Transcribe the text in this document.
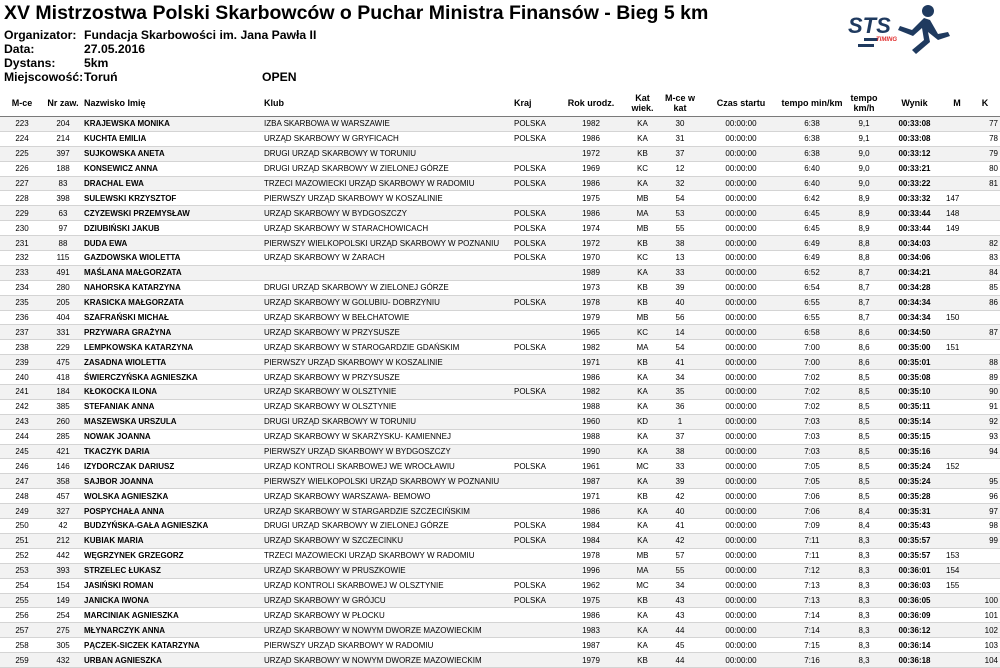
XV Mistrzostwa Polski Skarbowców o Puchar Ministra Finansów - Bieg 5 km
Organizator: Fundacja Skarbowości im. Jana Pawła II
Data:	27.05.2016
Dystans: 5km
Miejscowość: Toruń	OPEN
STS
TIMING
M-ce	Nr zaw.	Nazwisko Imię	Klub	Kraj	Rok urodz.	Kat wiek.	M-ce w kat	Czas startu	tempo min/km	tempo km/h	Wynik	M	K
223	204	KRAJEWSKA MONIKA	IZBA SKARBOWA W WARSZAWIE	POLSKA	1982	KA	30	00:00:00	6:38	9,1	00:33:08		77
224	214	KUCHTA EMILIA	URZĄD SKARBOWY W GRYFICACH	POLSKA	1986	KA	31	00:00:00	6:38	9,1	00:33:08		78
225	397	SUJKOWSKA ANETA	DRUGI URZĄD SKARBOWY W TORUNIU		1972	KB	37	00:00:00	6:38	9,0	00:33:12		79
226	188	KONSEWICZ ANNA	DRUGI URZĄD SKARBOWY W ZIELONEJ GÓRZE	POLSKA	1969	KC	12	00:00:00	6:40	9,0	00:33:21		80
227	83	DRACHAL EWA	TRZECI MAZOWIECKI URZĄD SKARBOWY W RADOMIU	POLSKA	1986	KA	32	00:00:00	6:40	9,0	00:33:22		81
228	398	SULEWSKI KRZYSZTOF	PIERWSZY URZĄD SKARBOWY W KOSZALINIE		1975	MB	54	00:00:00	6:42	8,9	00:33:32	147	
229	63	CZYZEWSKI PRZEMYSŁAW	URZĄD SKARBOWY W BYDGOSZCZY	POLSKA	1986	MA	53	00:00:00	6:45	8,9	00:33:44	148	
230	97	DZIUBIŃSKI JAKUB	URZĄD SKARBOWY W STARACHOWICACH	POLSKA	1974	MB	55	00:00:00	6:45	8,9	00:33:44	149	
231	88	DUDA EWA	PIERWSZY WIELKOPOLSKI URZĄD SKARBOWY W POZNANIU	POLSKA	1972	KB	38	00:00:00	6:49	8,8	00:34:03		82
232	115	GAZDOWSKA WIOLETTA	URZĄD SKARBOWY W ŻARACH	POLSKA	1970	KC	13	00:00:00	6:49	8,8	00:34:06		83
233	491	MAŚLANA MAŁGORZATA			1989	KA	33	00:00:00	6:52	8,7	00:34:21		84
234	280	NAHORSKA KATARZYNA	DRUGI URZĄD SKARBOWY W ZIELONEJ GÓRZE		1973	KB	39	00:00:00	6:54	8,7	00:34:28		85
235	205	KRASICKA MAŁGORZATA	URZĄD SKARBOWY W GOLUBIU- DOBRZYNIU	POLSKA	1978	KB	40	00:00:00	6:55	8,7	00:34:34		86
236	404	SZAFRAŃSKI MICHAŁ	URZĄD SKARBOWY W BEŁCHATOWIE		1979	MB	56	00:00:00	6:55	8,7	00:34:34	150	
237	331	PRZYWARA GRAŻYNA	URZĄD SKARBOWY W PRZYSUSZE		1965	KC	14	00:00:00	6:58	8,6	00:34:50		87
238	229	LEMPKOWSKA KATARZYNA	URZĄD SKARBOWY W STAROGARDZIE GDAŃSKIM	POLSKA	1982	MA	54	00:00:00	7:00	8,6	00:35:00	151	
239	475	ZASADNA WIOLETTA	PIERWSZY URZĄD SKARBOWY W KOSZALINIE		1971	KB	41	00:00:00	7:00	8,6	00:35:01		88
240	418	ŚWIERCZYŃSKA AGNIESZKA	URZĄD SKARBOWY W PRZYSUSZE		1986	KA	34	00:00:00	7:02	8,5	00:35:08		89
241	184	KŁOKOCKA ILONA	URZĄD SKARBOWY W OLSZTYNIE	POLSKA	1982	KA	35	00:00:00	7:02	8,5	00:35:10		90
242	385	STEFANIAK ANNA	URZĄD SKARBOWY W OLSZTYNIE		1988	KA	36	00:00:00	7:02	8,5	00:35:11		91
243	260	MASZEWSKA URSZULA	DRUGI URZĄD SKARBOWY W TORUNIU		1960	KD	1	00:00:00	7:03	8,5	00:35:14		92
244	285	NOWAK JOANNA	URZĄD SKARBOWY W SKARŻYSKU- KAMIENNEJ		1988	KA	37	00:00:00	7:03	8,5	00:35:15		93
245	421	TKACZYK DARIA	PIERWSZY URZĄD SKARBOWY W BYDGOSZCZY		1990	KA	38	00:00:00	7:03	8,5	00:35:16		94
246	146	IZYDORCZAK DARIUSZ	URZĄD KONTROLI SKARBOWEJ WE WROCŁAWIU	POLSKA	1961	MC	33	00:00:00	7:05	8,5	00:35:24	152	
247	358	SAJBOR JOANNA	PIERWSZY WIELKOPOLSKI URZĄD SKARBOWY W POZNANIU		1987	KA	39	00:00:00	7:05	8,5	00:35:24		95
248	457	WOLSKA AGNIESZKA	URZĄD SKARBOWY WARSZAWA- BEMOWO		1971	KB	42	00:00:00	7:06	8,5	00:35:28		96
249	327	POSPYCHAŁA ANNA	URZĄD SKARBOWY W STARGARDZIE SZCZECIŃSKIM		1986	KA	40	00:00:00	7:06	8,4	00:35:31		97
250	42	BUDZYŃSKA-GAŁA AGNIESZKA	DRUGI URZĄD SKARBOWY W ZIELONEJ GÓRZE	POLSKA	1984	KA	41	00:00:00	7:09	8,4	00:35:43		98
251	212	KUBIAK MARIA	URZĄD SKARBOWY W SZCZECINKU	POLSKA	1984	KA	42	00:00:00	7:11	8,3	00:35:57		99
252	442	WĘGRZYNEK GRZEGORZ	TRZECI MAZOWIECKI URZĄD SKARBOWY W RADOMIU		1978	MB	57	00:00:00	7:11	8,3	00:35:57	153	
253	393	STRZELEC ŁUKASZ	URZĄD SKARBOWY W PRUSZKOWIE		1996	MA	55	00:00:00	7:12	8,3	00:36:01	154	
254	154	JASIŃSKI ROMAN	URZĄD KONTROLI SKARBOWEJ W OLSZTYNIE	POLSKA	1962	MC	34	00:00:00	7:13	8,3	00:36:03	155	
255	149	JANICKA IWONA	URZĄD SKARBOWY W GRÓJCU	POLSKA	1975	KB	43	00:00:00	7:13	8,3	00:36:05		100
256	254	MARCINIAK AGNIESZKA	URZĄD SKARBOWY W PŁOCKU		1986	KA	43	00:00:00	7:14	8,3	00:36:09		101
257	275	MŁYNARCZYK ANNA	URZĄD SKARBOWY W NOWYM DWORZE MAZOWIECKIM		1983	KA	44	00:00:00	7:14	8,3	00:36:12		102
258	305	PĄCZEK-SICZEK KATARZYNA	PIERWSZY URZĄD SKARBOWY W RADOMIU		1987	KA	45	00:00:00	7:15	8,3	00:36:14		103
259	432	URBAN AGNIESZKA	URZĄD SKARBOWY W NOWYM DWORZE MAZOWIECKIM		1979	KB	44	00:00:00	7:16	8,3	00:36:18		104
